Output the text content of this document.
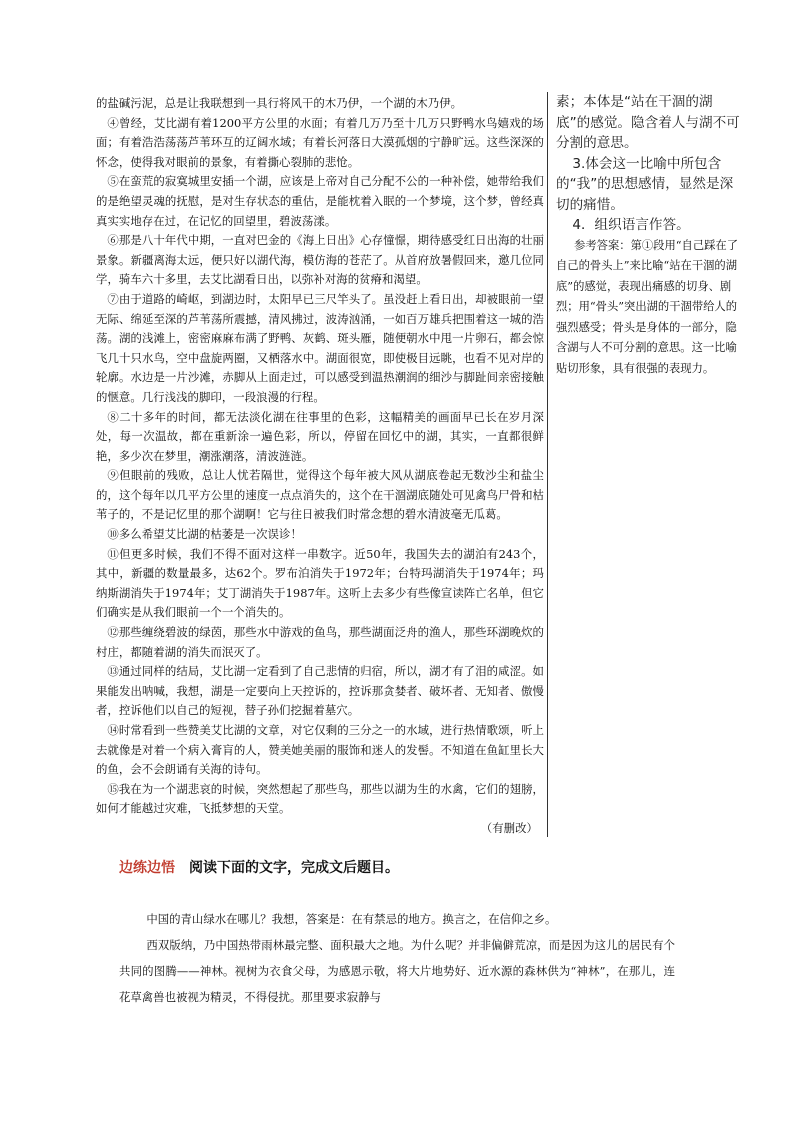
的盐碱污泥，总是让我联想到一具行将风干的木乃伊，一个湖的木乃伊。

④曾经，艾比湖有着1200平方公里的水面；有着几万乃至十几万只野鸭水鸟嬉戏的场面；有着浩浩荡荡芦苇环互的辽阔水域；有着长河落日大漠孤烟的宁静旷远。这些深深的怀念，使得我对眼前的景象，有着撕心裂肺的悲怆。

⑤在蛮荒的寂寞城里安插一个湖，应该是上帝对自己分配不公的一种补偿，她带给我们的是绝望灵魂的抚慰，是对生存状态的重估，是能枕着入眠的一个梦境，这个梦，曾经真真实实地存在过，在记忆的回望里，碧波荡漾。

⑥那是八十年代中期，一直对巴金的《海上日出》心存憧憬，期待感受红日出海的壮丽景象。新疆离海太远，便只好以湖代海，模仿海的苍茫了。从首府放暑假回来，邀几位同学，骑车六十多里，去艾比湖看日出，以弥补对海的贫瘠和渴望。

⑦由于道路的崎岖，到湖边时，太阳早已三尺竿头了。虽没赶上看日出，却被眼前一望无际、绵延至深的芦苇荡所震撼，清风拂过，波涛汹涌，一如百万雄兵把围着这一城的浩荡。湖的浅滩上，密密麻麻布满了野鸭、灰鹤、斑头雁，随便朝水中甩一片卵石，都会惊飞几十只水鸟，空中盘旋两圈，又栖落水中。湖面很宽，即使极目远眺，也看不见对岸的轮廓。水边是一片沙滩，赤脚从上面走过，可以感受到温热潮润的细沙与脚趾间亲密接触的惬意。几行浅浅的脚印，一段浪漫的行程。

⑧二十多年的时间，都无法淡化湖在往事里的色彩，这幅精美的画面早已长在岁月深处，每一次温故，都在重新涂一遍色彩，所以，停留在回忆中的湖，其实，一直都很鲜艳，多少次在梦里，潮涨潮落，清波涟涟。

⑨但眼前的残败，总让人忧若隔世，觉得这个每年被大风从湖底卷起无数沙尘和盐尘的，这个每年以几平方公里的速度一点点消失的，这个在干涸湖底随处可见禽鸟尸骨和枯苇子的，不是记忆里的那个湖啊！它与往日被我们时常念想的碧水清波毫无瓜葛。

⑩多么希望艾比湖的枯萎是一次误诊！

⑪但更多时候，我们不得不面对这样一串数字。近50年，我国失去的湖泊有243个，其中，新疆的数量最多，达62个。罗布泊消失于1972年；台特玛湖消失于1974年；玛纳斯湖消失于1974年；艾丁湖消失于1987年。这听上去多少有些像宣读阵亡名单，但它们确实是从我们眼前一个一个消失的。

⑫那些缠绕碧波的绿茵，那些水中游戏的鱼鸟，那些湖面泛舟的渔人，那些环湖晚炊的村庄，都随着湖的消失而泯灭了。

⑬通过同样的结局，艾比湖一定看到了自己悲情的归宿，所以，湖才有了泪的咸涩。如果能发出呐喊，我想，湖是一定要向上天控诉的，控诉那贪婪者、破坏者、无知者、傲慢者，控诉他们以自己的短视，替子孙们挖掘着墓穴。

⑭时常看到一些赞美艾比湖的文章，对它仅剩的三分之一的水域，进行热情歌颂，听上去就像是对着一个病入膏肓的人，赞美她美丽的服饰和迷人的发髻。不知道在鱼缸里长大的鱼，会不会朗诵有关海的诗句。

⑮我在为一个湖悲哀的时候，突然想起了那些鸟，那些以湖为生的水禽，它们的翅膀，如何才能越过灾难，飞抵梦想的天堂。

（有删改）

素；本体是“站在干涸的湖底”的感觉。隐含着人与湖不可分割的意思。

3.体会这一比喻中所包含的“我”的思想感情，显然是深切的痛惜。

4．组织语言作答。

参考答案：第①段用“自己踩在了自己的骨头上”来比喻“站在干涸的湖底”的感觉，表现出痛感的切身、剧烈；用“骨头”突出湖的干涸带给人的强烈感受；骨头是身体的一部分，隐含湖与人不可分割的意思。这一比喻贴切形象，具有很强的表现力。

边练边悟 阅读下面的文字，完成文后题目。

中国的青山绿水在哪儿？我想，答案是：在有禁忌的地方。换言之，在信仰之乡。

西双版纳，乃中国热带雨林最完整、面积最大之地。为什么呢？并非偏僻荒凉，而是因为这儿的居民有个共同的图腾——神林。视树为衣食父母，为感恩示敬，将大片地势好、近水源的森林供为“神林”，在那儿，连花草禽兽也被视为精灵，不得侵扰。那里要求寂静与
